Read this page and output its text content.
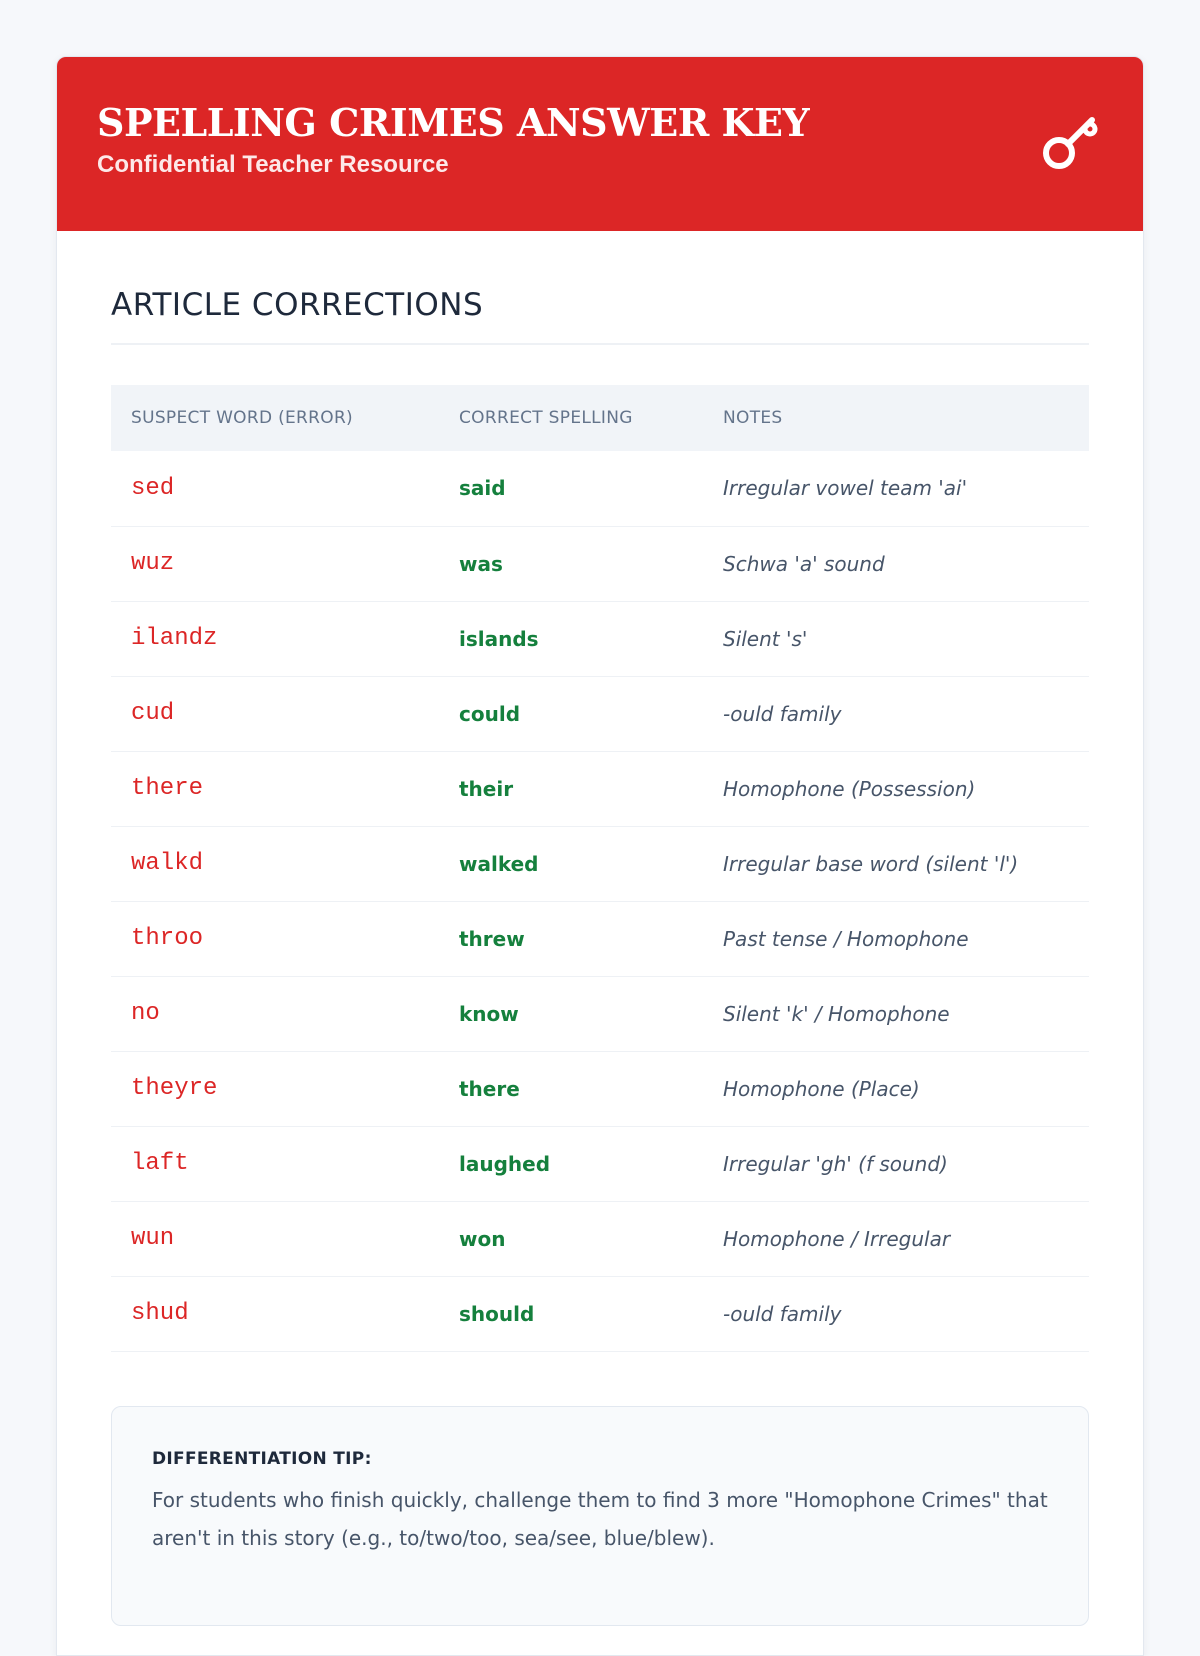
SPELLING CRIMES ANSWER KEY
Confidential Teacher Resource
ARTICLE CORRECTIONS
SUSPECT WORD (ERROR)	CORRECT SPELLING	NOTES
sed	said	Irregular vowel team 'ai'
wuz	was	Schwa 'a' sound
ilandz	islands	Silent 's'
cud	could	-ould family
there	their	Homophone (Possession)
walkd	walked	Irregular base word (silent 'l')
throo	threw	Past tense / Homophone
no	know	Silent 'k' / Homophone
theyre	there	Homophone (Place)
laft	laughed	Irregular 'gh' (f sound)
wun	won	Homophone / Irregular
shud	should	-ould family
DIFFERENTIATION TIP:
For students who finish quickly, challenge them to find 3 more "Homophone Crimes" that aren't in this story (e.g., to/two/too, sea/see, blue/blew).
